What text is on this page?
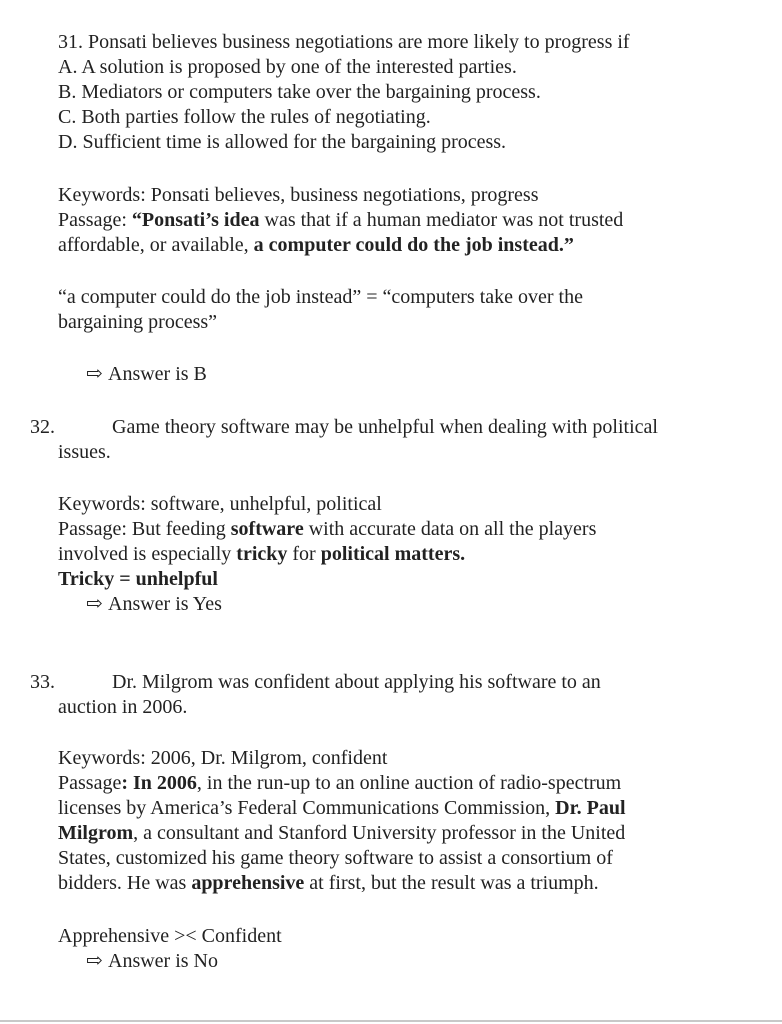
31. Ponsati believes business negotiations are more likely to progress if
A. A solution is proposed by one of the interested parties.
B. Mediators or computers take over the bargaining process.
C. Both parties follow the rules of negotiating.
D. Sufficient time is allowed for the bargaining process.
Keywords: Ponsati believes, business negotiations, progress
Passage: “Ponsati’s idea was that if a human mediator was not trusted
affordable, or available, a computer could do the job instead.”
“a computer could do the job instead” = “computers take over the
bargaining process”
⇨ Answer is B
32.	Game theory software may be unhelpful when dealing with political
issues.
Keywords: software, unhelpful, political
Passage: But feeding software with accurate data on all the players
involved is especially tricky for political matters.
Tricky = unhelpful
⇨ Answer is Yes
33.	Dr. Milgrom was confident about applying his software to an
auction in 2006.
Keywords: 2006, Dr. Milgrom, confident
Passage: In 2006, in the run-up to an online auction of radio-spectrum
licenses by America’s Federal Communications Commission, Dr. Paul
Milgrom, a consultant and Stanford University professor in the United
States, customized his game theory software to assist a consortium of
bidders. He was apprehensive at first, but the result was a triumph.
Apprehensive >< Confident
⇨ Answer is No
